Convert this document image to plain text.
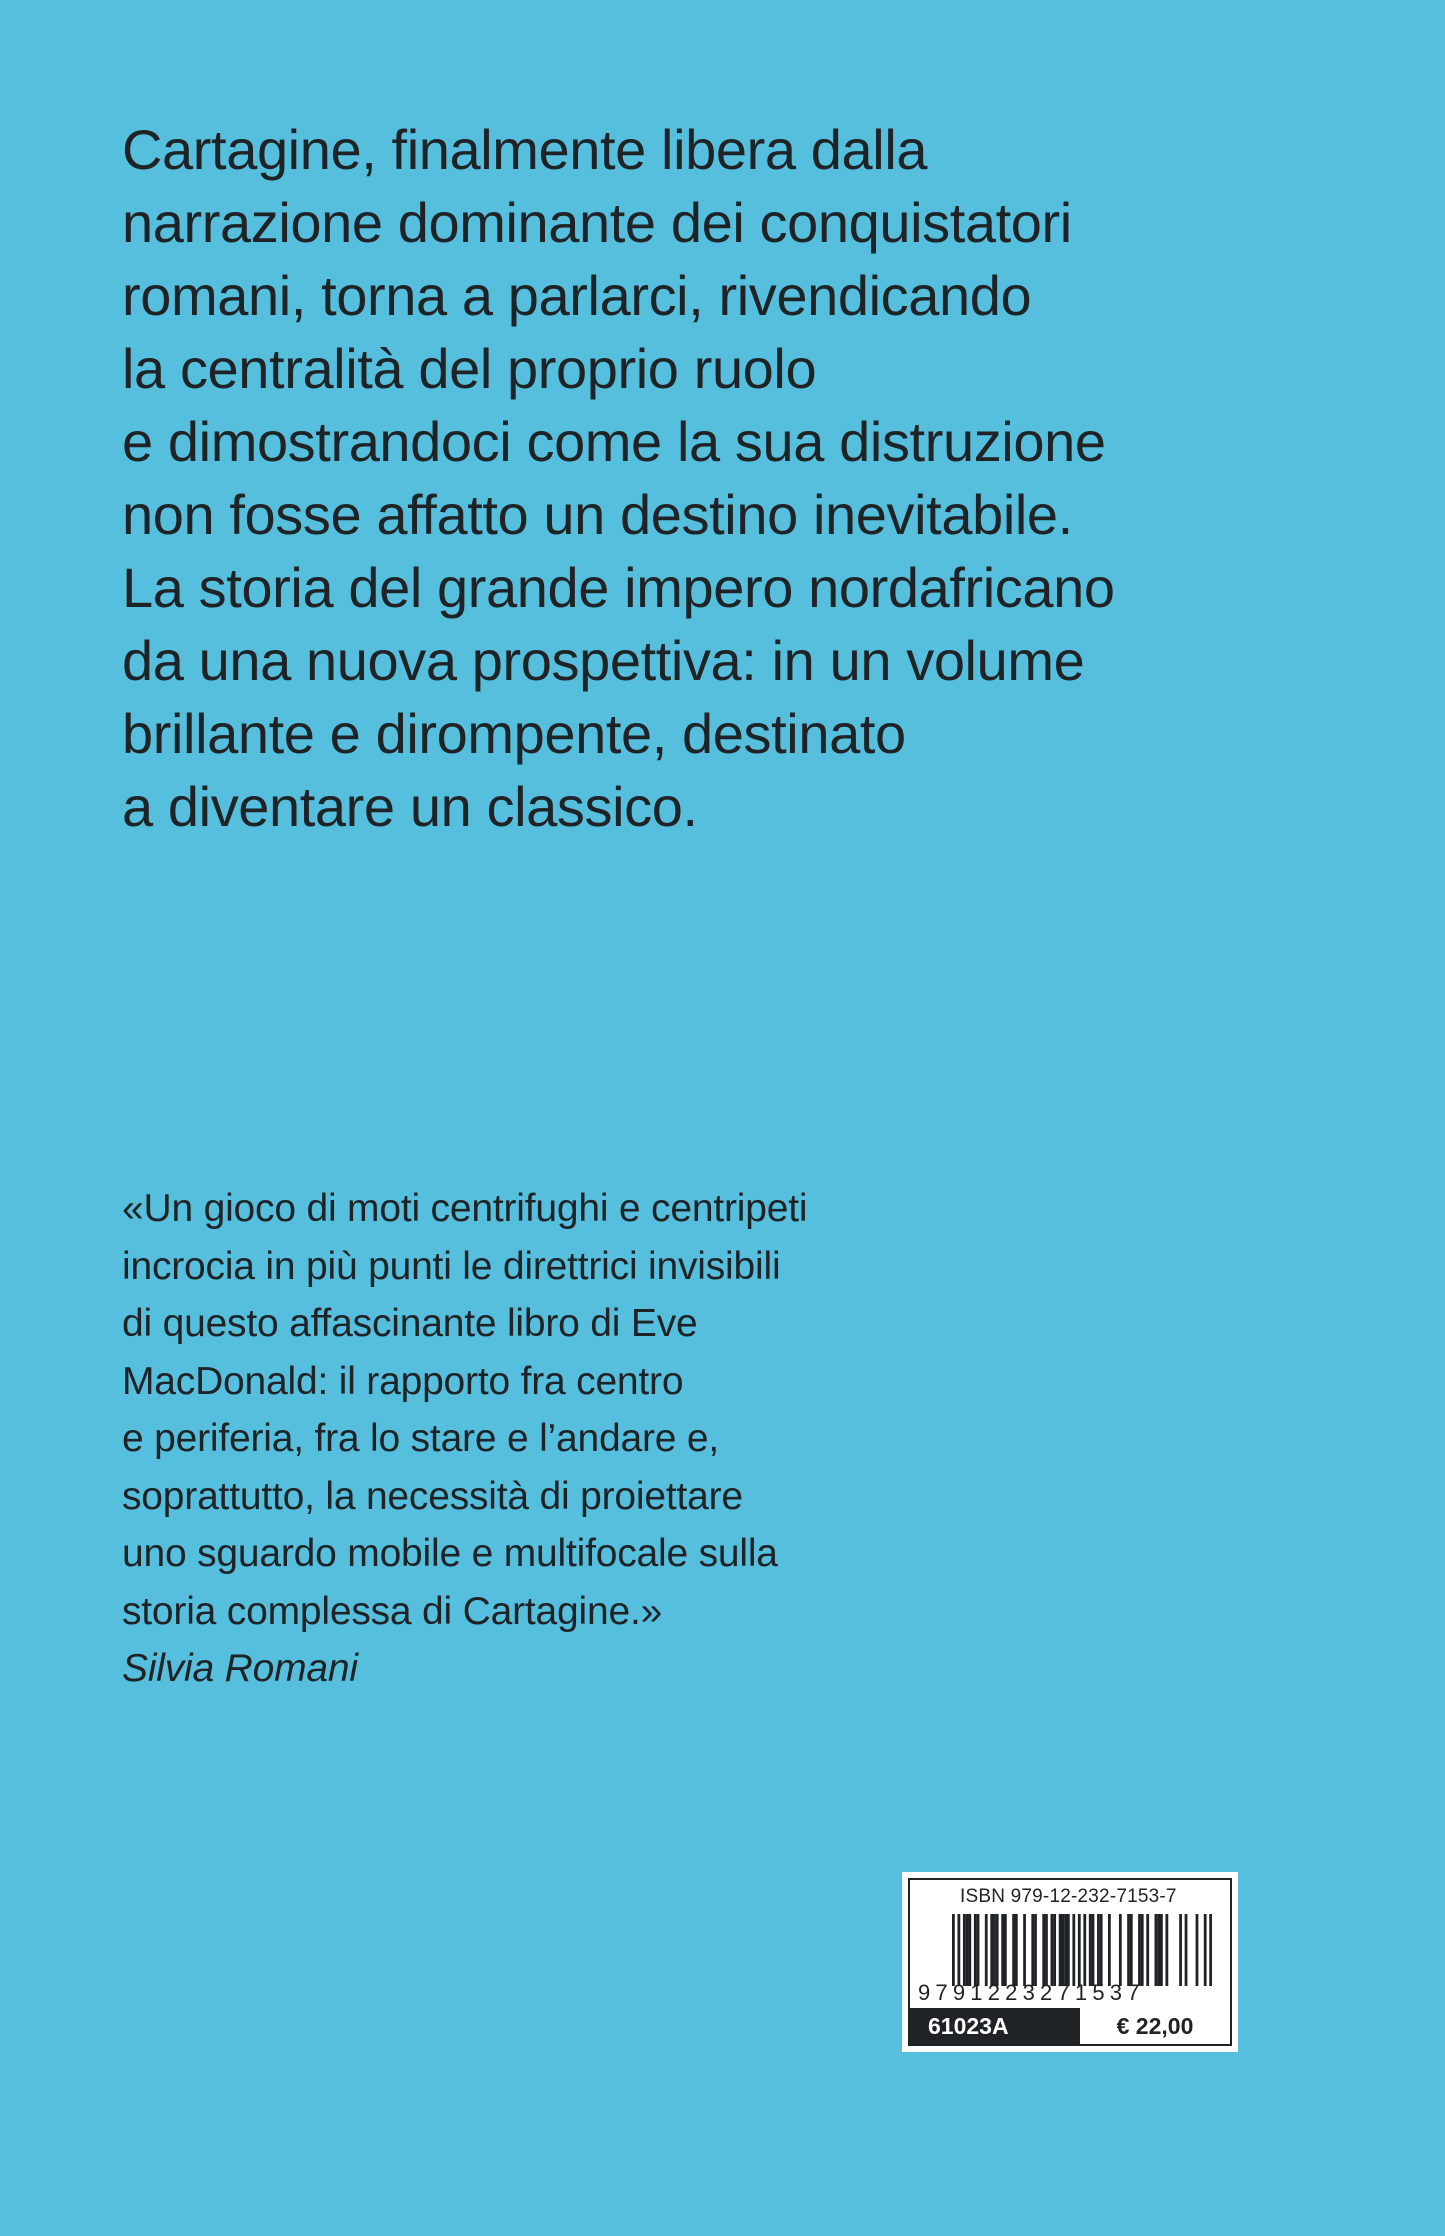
Cartagine, finalmente libera dalla
narrazione dominante dei conquistatori
romani, torna a parlarci, rivendicando
la centralità del proprio ruolo
e dimostrandoci come la sua distruzione
non fosse affatto un destino inevitabile.
La storia del grande impero nordafricano
da una nuova prospettiva: in un volume
brillante e dirompente, destinato
a diventare un classico.
«Un gioco di moti centrifughi e centripeti
incrocia in più punti le direttrici invisibili
di questo affascinante libro di Eve
MacDonald: il rapporto fra centro
e periferia, fra lo stare e l’andare e,
soprattutto, la necessità di proiettare
uno sguardo mobile e multifocale sulla
storia complessa di Cartagine.»
Silvia Romani
ISBN 979-12-232-7153-7
9791223271537
61023A	€ 22,00
